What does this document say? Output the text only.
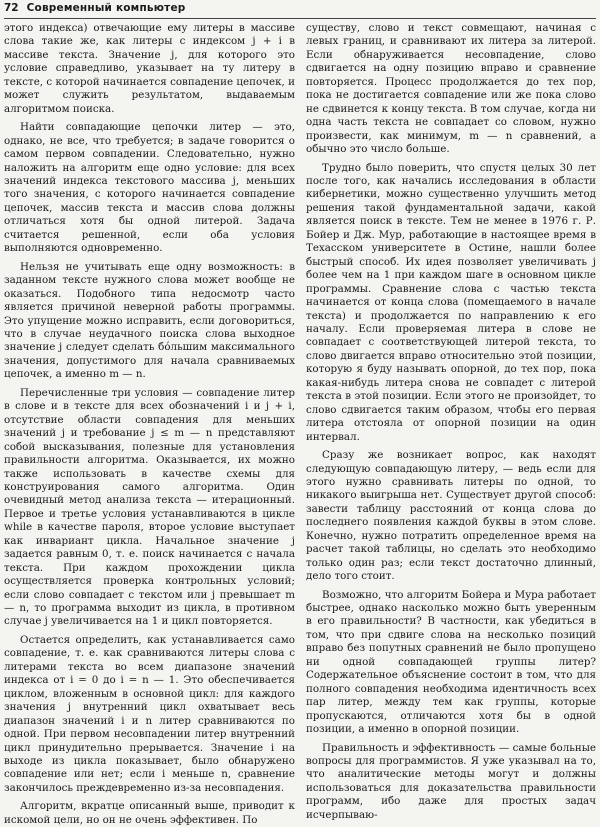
72 Современный компьютер

этого индекса) отвечающие ему литеры в массиве слова такие же, как литеры с индексом j + i в массиве текста. Значение j, для которого это условие справедливо, указывает на ту литеру в тексте, с которой начинается совпадение цепочек, и может служить результатом, выдаваемым алгоритмом поиска.

Найти совпадающие цепочки литер — это, однако, не все, что требуется; в задаче говорится о самом первом совпадении. Следовательно, нужно наложить на алгоритм еще одно условие: для всех значений индекса текстового массива j, меньших того значения, с которого начинается совпадение цепочек, массив текста и массив слова должны отличаться хотя бы одной литерой. Задача считается решенной, если оба условия выполняются одновременно.

Нельзя не учитывать еще одну возможность: в заданном тексте нужного слова может вообще не оказаться. Подобного типа недосмотр часто является причиной неверной работы программы. Это упущение можно исправить, если договориться, что в случае неудачного поиска слова выходное значение j следует сделать бо́льшим максимального значения, допустимого для начала сравниваемых цепочек, а именно m — n.

Перечисленные три условия — совпадение литер в слове и в тексте для всех обозначений i и j + i, отсутствие области совпадения для меньших значений j и требование j ≤ m — n представляют собой высказывания, полезные для установления правильности алгоритма. Оказывается, их можно также использовать в качестве схемы для конструирования самого алгоритма. Один очевидный метод анализа текста — итерационный. Первое и третье условия устанавливаются в цикле while в качестве пароля, второе условие выступает как инвариант цикла. Начальное значение j задается равным 0, т. е. поиск начинается с начала текста. При каждом прохождении цикла осуществляется проверка контрольных условий; если слово совпадает с текстом или j превышает m — n, то программа выходит из цикла, в противном случае j увеличивается на 1 и цикл повторяется.

Остается определить, как устанавливается само совпадение, т. е. как сравниваются литеры слова с литерами текста во всем диапазоне значений индекса от i = 0 до i = n — 1. Это обеспечивается циклом, вложенным в основной цикл: для каждого значения j внутренний цикл охватывает весь диапазон значений i и n литер сравниваются по одной. При первом несовпадении литер внутренний цикл принудительно прерывается. Значение i на выходе из цикла показывает, было обнаружено совпадение или нет; если i меньше n, сравнение закончилось преждевременно из-за несовпадения.

Алгоритм, вкратце описанный выше, приводит к искомой цели, но он не очень эффективен. По

существу, слово и текст совмещают, начиная с левых границ, и сравнивают их литера за литерой. Если обнаруживается несовпадение, слово сдвигается на одну позицию вправо и сравнение повторяется. Процесс продолжается до тех пор, пока не достигается совпадение или же пока слово не сдвинется к концу текста. В том случае, когда ни одна часть текста не совпадает со словом, нужно произвести, как минимум, m — n сравнений, а обычно это число больше.

Трудно было поверить, что спустя целых 30 лет после того, как начались исследования в области кибернетики, можно существенно улучшить метод решения такой фундаментальной задачи, какой является поиск в тексте. Тем не менее в 1976 г. Р. Бойер и Дж. Мур, работающие в настоящее время в Техасском университете в Остине, нашли более быстрый способ. Их идея позволяет увеличивать j более чем на 1 при каждом шаге в основном цикле программы. Сравнение слова с частью текста начинается от конца слова (помещаемого в начале текста) и продолжается по направлению к его началу. Если проверяемая литера в слове не совпадает с соответствующей литерой текста, то слово двигается вправо относительно этой позиции, которую я буду называть опорной, до тех пор, пока какая-нибудь литера снова не совпадет с литерой текста в этой позиции. Если этого не произойдет, то слово сдвигается таким образом, чтобы его первая литера отстояла от опорной позиции на один интервал.

Сразу же возникает вопрос, как находят следующую совпадающую литеру, — ведь если для этого нужно сравнивать литеры по одной, то никакого выигрыша нет. Существует другой способ: завести таблицу расстояний от конца слова до последнего появления каждой буквы в этом слове. Конечно, нужно потратить определенное время на расчет такой таблицы, но сделать это необходимо только один раз; если текст достаточно длинный, дело того стоит.

Возможно, что алгоритм Бойера и Мура работает быстрее, однако насколько можно быть уверенным в его правильности? В частности, как убедиться в том, что при сдвиге слова на несколько позиций вправо без попутных сравнений не было пропущено ни одной совпадающей группы литер? Содержательное объяснение состоит в том, что для полного совпадения необходима идентичность всех пар литер, между тем как группы, которые пропускаются, отличаются хотя бы в одной позиции, а именно в опорной позиции.

Правильность и эффективность — самые больные вопросы для программистов. Я уже указывал на то, что аналитические методы могут и должны использоваться для доказательства правильности программ, ибо даже для простых задач исчерпываю-
